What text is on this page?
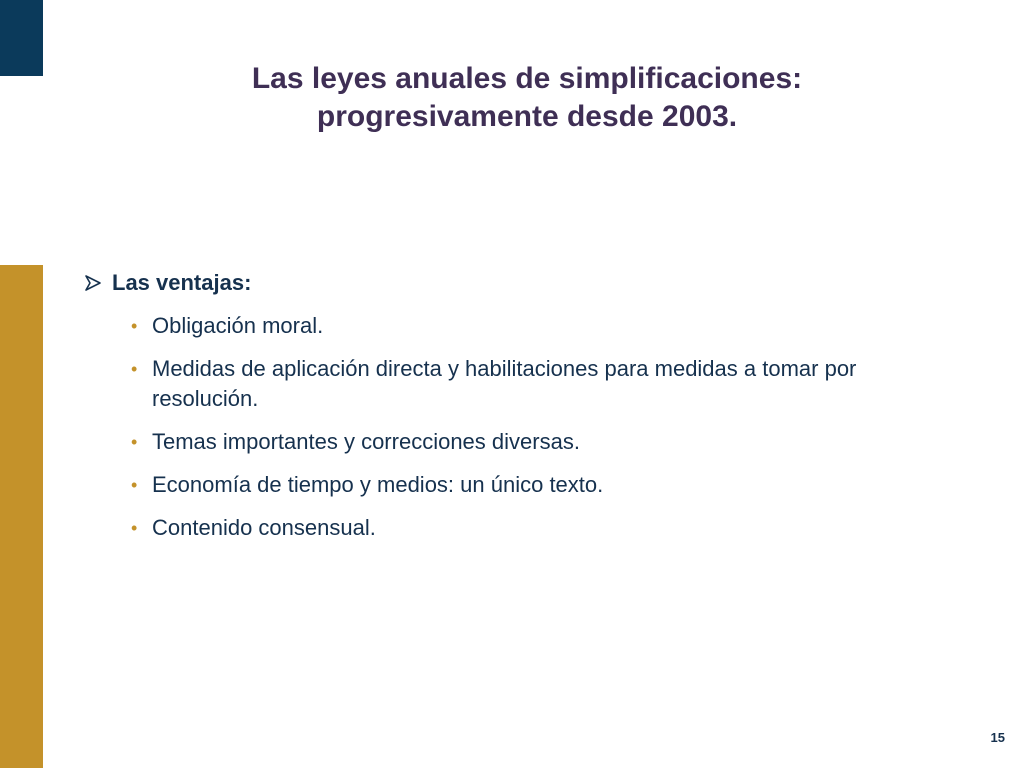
Las leyes anuales de simplificaciones:
progresivamente desde 2003.
Las ventajas:
• Obligación moral.
• Medidas de aplicación directa y habilitaciones para medidas a tomar por resolución.
• Temas importantes y correcciones diversas.
• Economía de tiempo y medios: un único texto.
• Contenido consensual.
15
